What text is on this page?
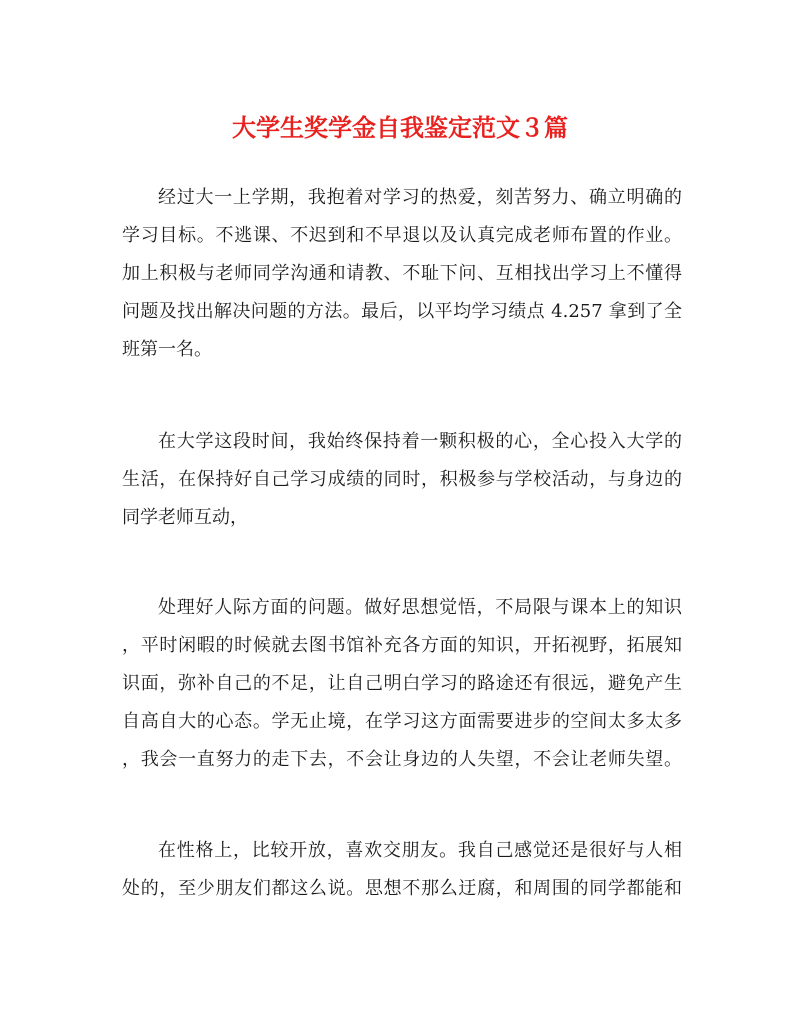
大学生奖学金自我鉴定范文３篇
经过大一上学期，我抱着对学习的热爱，刻苦努力、确立明确的
学习目标。不逃课、不迟到和不早退以及认真完成老师布置的作业。
加上积极与老师同学沟通和请教、不耻下问、互相找出学习上不懂得
问题及找出解决问题的方法。最后，以平均学习绩点 4.257 拿到了全
班第一名。
在大学这段时间，我始终保持着一颗积极的心，全心投入大学的
生活，在保持好自己学习成绩的同时，积极参与学校活动，与身边的
同学老师互动，
处理好人际方面的问题。做好思想觉悟，不局限与课本上的知识
，平时闲暇的时候就去图书馆补充各方面的知识，开拓视野，拓展知
识面，弥补自己的不足，让自己明白学习的路途还有很远，避免产生
自高自大的心态。学无止境，在学习这方面需要进步的空间太多太多
，我会一直努力的走下去，不会让身边的人失望，不会让老师失望。
在性格上，比较开放，喜欢交朋友。我自己感觉还是很好与人相
处的，至少朋友们都这么说。思想不那么迂腐，和周围的同学都能和
